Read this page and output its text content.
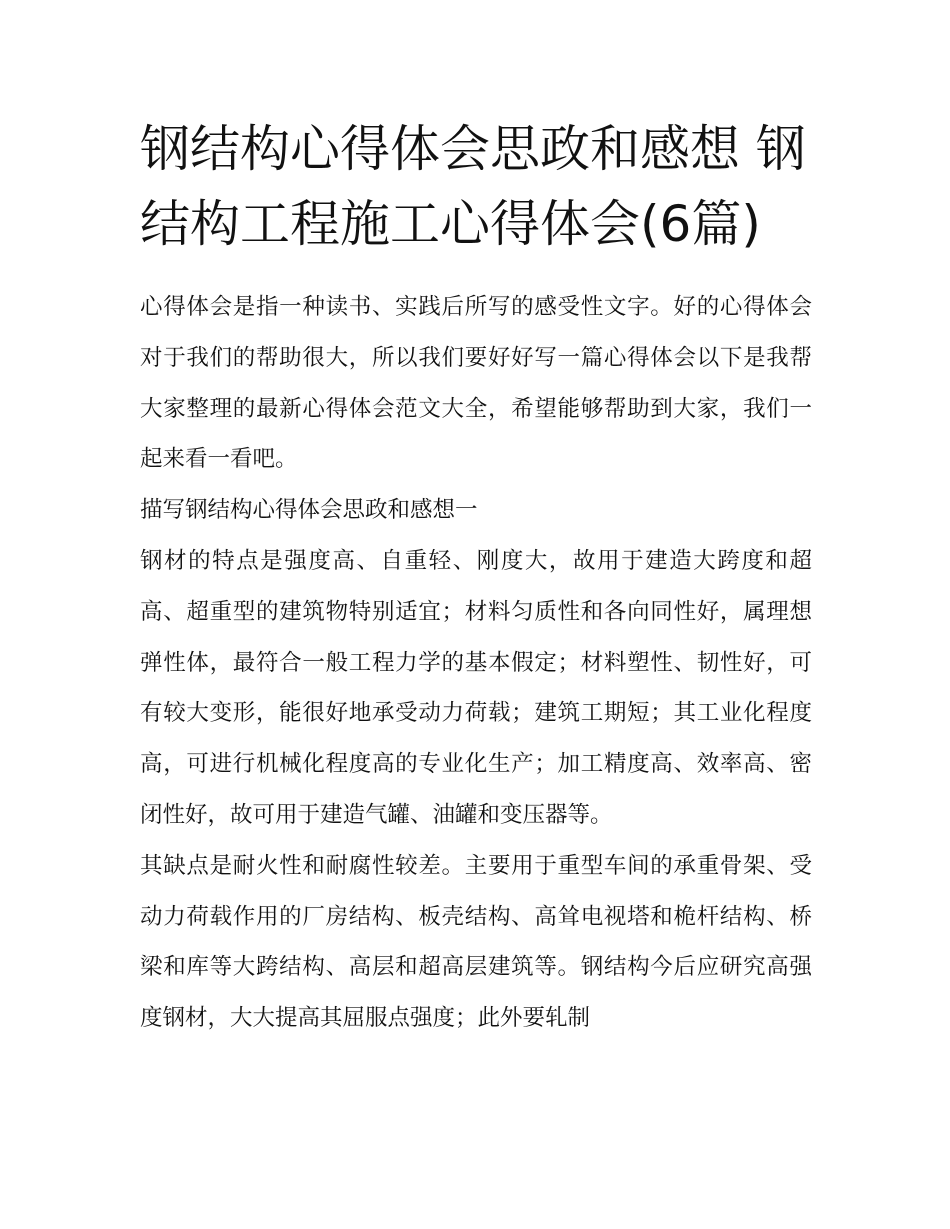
钢结构心得体会思政和感想 钢结构工程施工心得体会(6篇)

心得体会是指一种读书、实践后所写的感受性文字。好的心得体会对于我们的帮助很大，所以我们要好好写一篇心得体会以下是我帮大家整理的最新心得体会范文大全，希望能够帮助到大家，我们一起来看一看吧。

描写钢结构心得体会思政和感想一

钢材的特点是强度高、自重轻、刚度大，故用于建造大跨度和超高、超重型的建筑物特别适宜；材料匀质性和各向同性好，属理想弹性体，最符合一般工程力学的基本假定；材料塑性、韧性好，可有较大变形，能很好地承受动力荷载；建筑工期短；其工业化程度高，可进行机械化程度高的专业化生产；加工精度高、效率高、密闭性好，故可用于建造气罐、油罐和变压器等。

其缺点是耐火性和耐腐性较差。主要用于重型车间的承重骨架、受动力荷载作用的厂房结构、板壳结构、高耸电视塔和桅杆结构、桥梁和库等大跨结构、高层和超高层建筑等。钢结构今后应研究高强度钢材，大大提高其屈服点强度；此外要轧制
